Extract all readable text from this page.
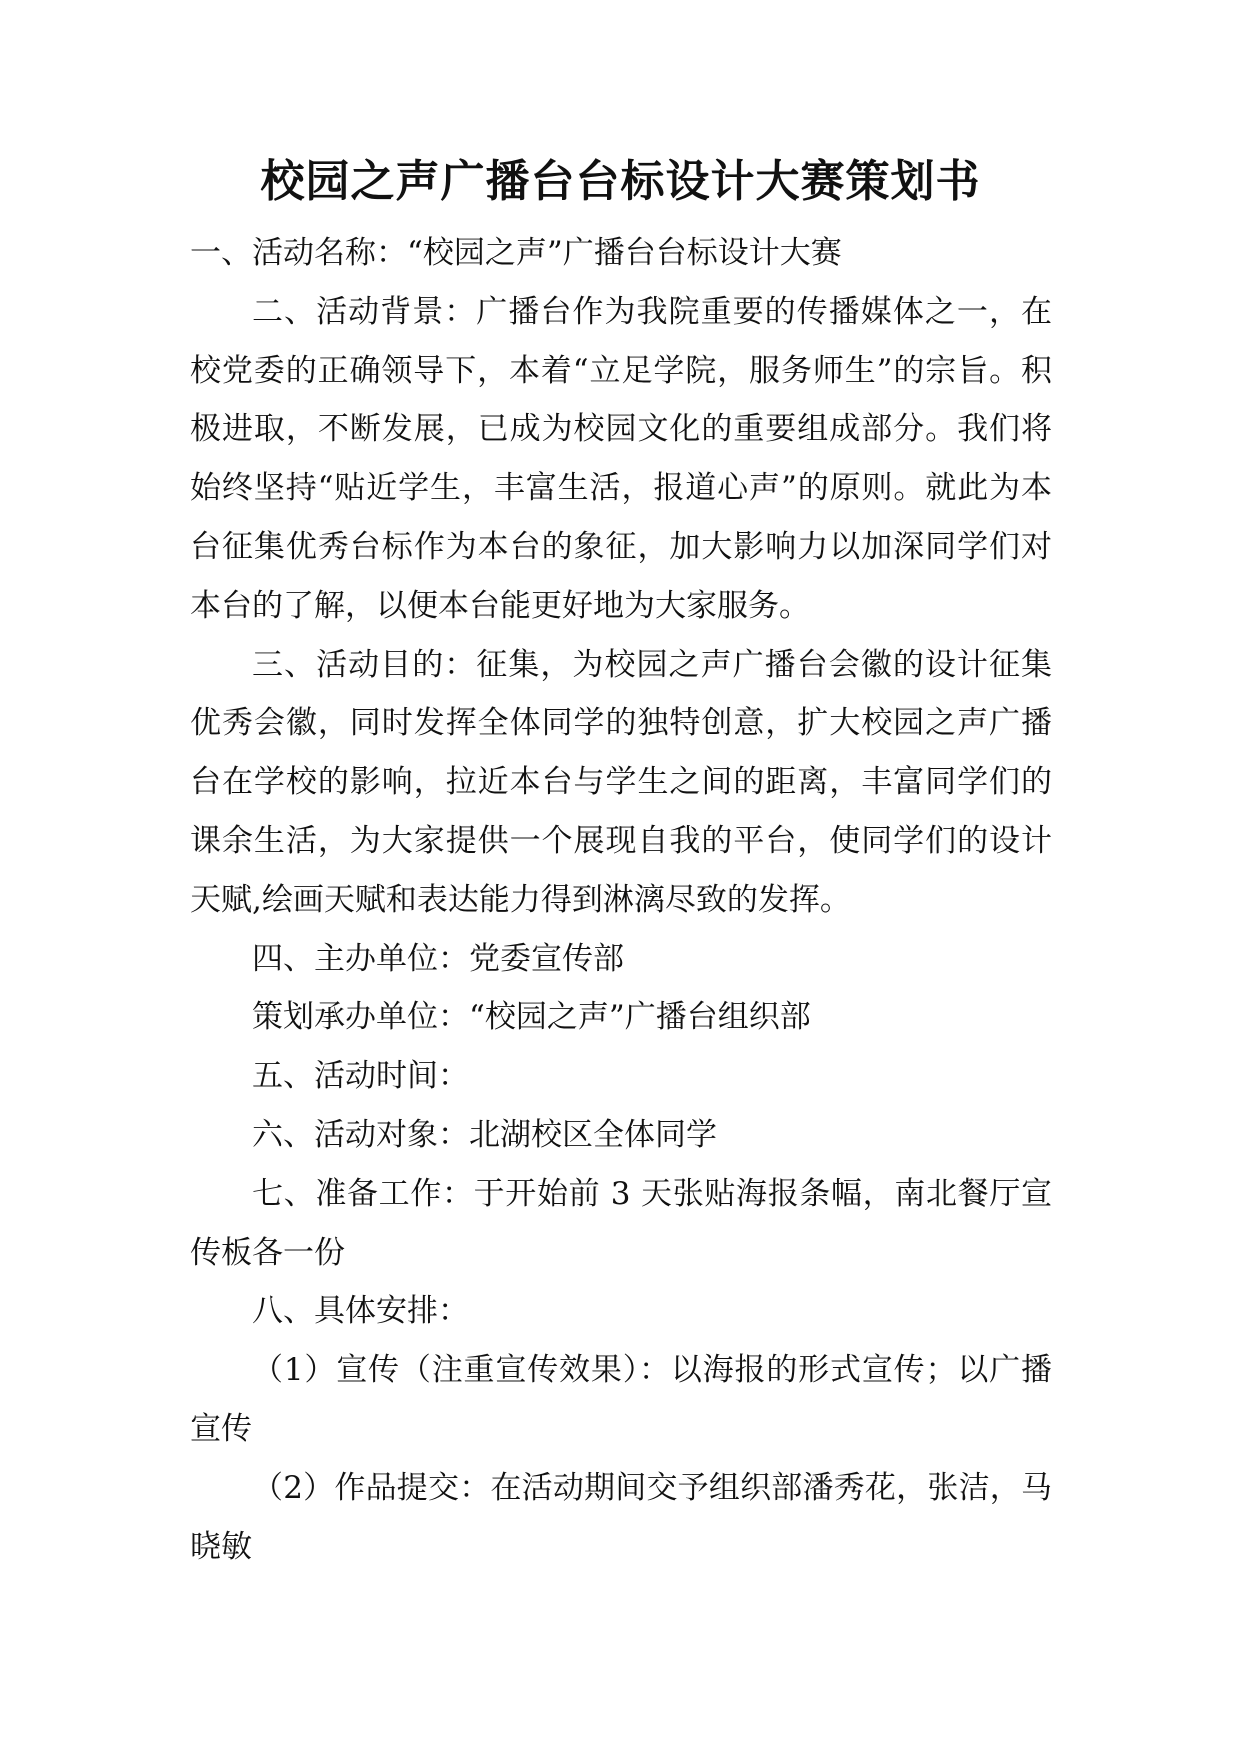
校园之声广播台台标设计大赛策划书

一、活动名称：“校园之声”广播台台标设计大赛

二、活动背景：广播台作为我院重要的传播媒体之一，在校党委的正确领导下，本着“立足学院，服务师生”的宗旨。积极进取，不断发展，已成为校园文化的重要组成部分。我们将始终坚持“贴近学生，丰富生活，报道心声”的原则。就此为本台征集优秀台标作为本台的象征，加大影响力以加深同学们对本台的了解，以便本台能更好地为大家服务。

三、活动目的：征集，为校园之声广播台会徽的设计征集优秀会徽，同时发挥全体同学的独特创意，扩大校园之声广播台在学校的影响，拉近本台与学生之间的距离，丰富同学们的课余生活，为大家提供一个展现自我的平台，使同学们的设计天赋,绘画天赋和表达能力得到淋漓尽致的发挥。

四、主办单位：党委宣传部

策划承办单位：“校园之声”广播台组织部

五、活动时间：

六、活动对象：北湖校区全体同学

七、准备工作：于开始前 3 天张贴海报条幅，南北餐厅宣传板各一份

八、具体安排：

（1）宣传（注重宣传效果）：以海报的形式宣传；以广播宣传

（2）作品提交：在活动期间交予组织部潘秀花，张洁，马晓敏
